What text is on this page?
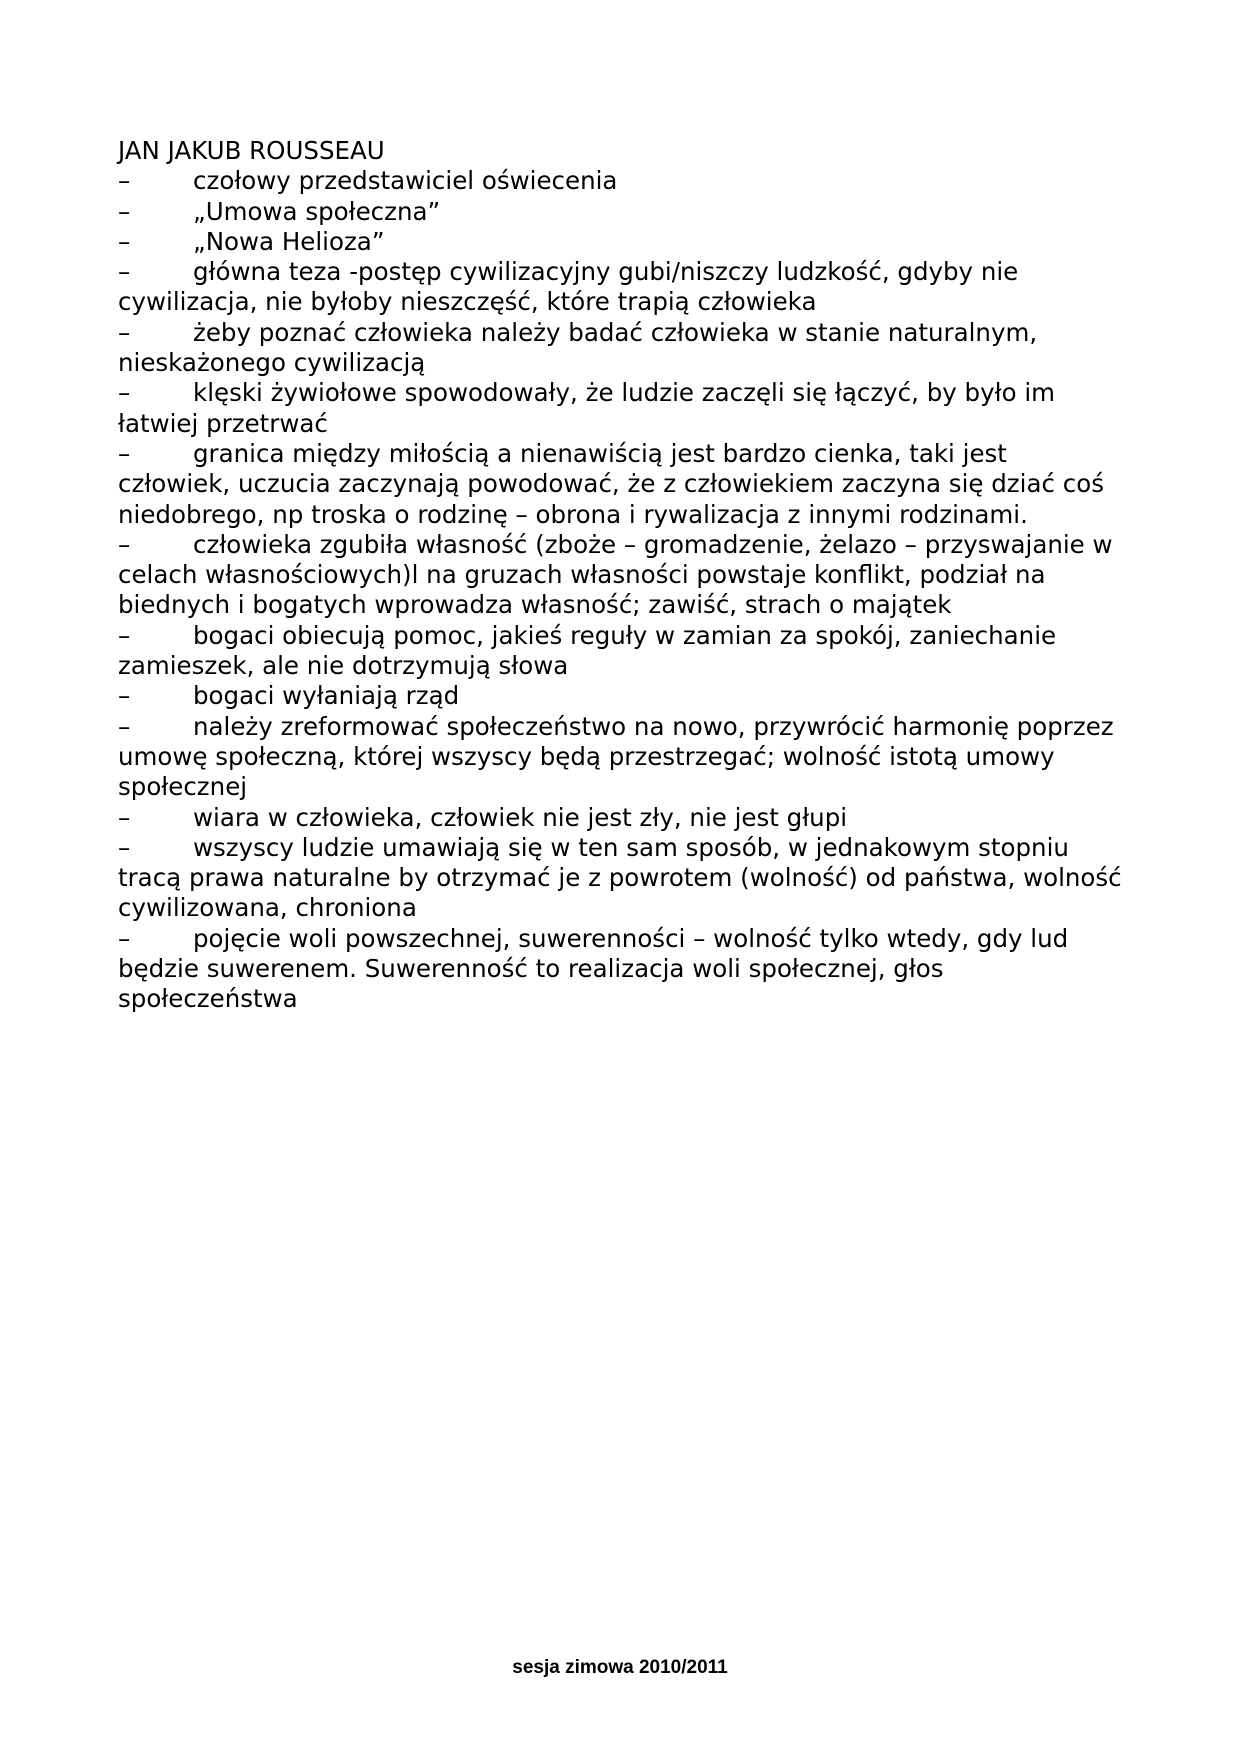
JAN JAKUB ROUSSEAU
–	czołowy przedstawiciel oświecenia
–	„Umowa społeczna”
–	„Nowa Helioza”
–	główna teza -postęp cywilizacyjny gubi/niszczy ludzkość, gdyby nie cywilizacja, nie byłoby nieszczęść, które trapią człowieka
–	żeby poznać człowieka należy badać człowieka w stanie naturalnym, nieskażonego cywilizacją
–	klęski żywiołowe spowodowały, że ludzie zaczęli się łączyć, by było im łatwiej przetrwać
–	granica między miłością a nienawiścią jest bardzo cienka, taki jest człowiek, uczucia zaczynają powodować, że z człowiekiem zaczyna się dziać coś niedobrego, np troska o rodzinę – obrona i rywalizacja z innymi rodzinami.
–	człowieka zgubiła własność (zboże – gromadzenie, żelazo – przyswajanie w celach własnościowych)l na gruzach własności powstaje konflikt, podział na biednych i bogatych wprowadza własność; zawiść, strach o majątek
–	bogaci obiecują pomoc, jakieś reguły w zamian za spokój, zaniechanie zamieszek, ale nie dotrzymują słowa
–	bogaci wyłaniają rząd
–	należy zreformować społeczeństwo na nowo, przywrócić harmonię poprzez umowę społeczną, której wszyscy będą przestrzegać; wolność istotą umowy społecznej
–	wiara w człowieka, człowiek nie jest zły, nie jest głupi
–	wszyscy ludzie umawiają się w ten sam sposób, w jednakowym stopniu tracą prawa naturalne by otrzymać je z powrotem (wolność) od państwa, wolność cywilizowana, chroniona
–	pojęcie woli powszechnej, suwerenności – wolność tylko wtedy, gdy lud będzie suwerenem. Suwerenność to realizacja woli społecznej, głos społeczeństwa
sesja zimowa 2010/2011
